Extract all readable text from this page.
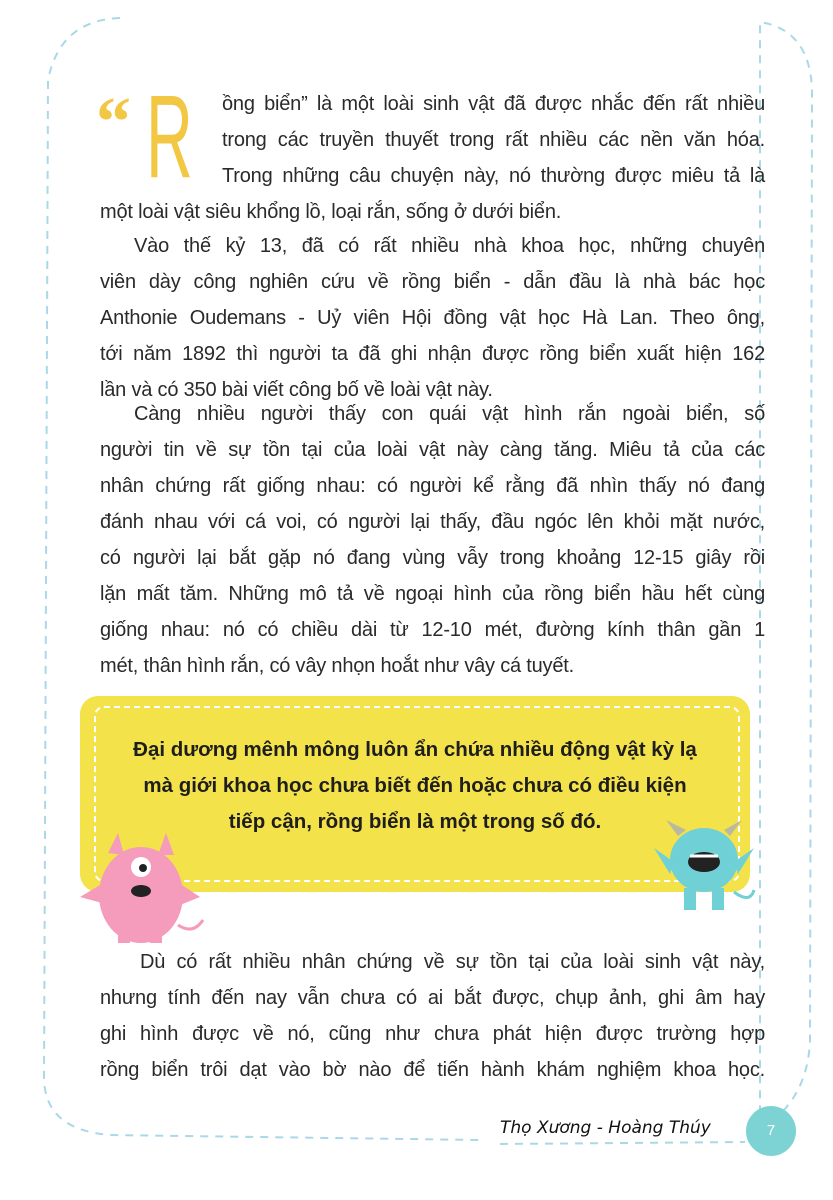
“ R ồng biển” là một loài sinh vật đã được nhắc đến rất nhiều
trong các truyền thuyết trong rất nhiều các nền văn hóa.
Trong những câu chuyện này, nó thường được miêu tả là
một loài vật siêu khổng lồ, loại rắn, sống ở dưới biển.
Vào thế kỷ 13, đã có rất nhiều nhà khoa học, những chuyên
viên dày công nghiên cứu về rồng biển - dẫn đầu là nhà bác học
Anthonie Oudemans - Uỷ viên Hội đồng vật học Hà Lan. Theo ông,
tới năm 1892 thì người ta đã ghi nhận được rồng biển xuất hiện 162
lần và có 350 bài viết công bố về loài vật này.
Càng nhiều người thấy con quái vật hình rắn ngoài biển, số
người tin về sự tồn tại của loài vật này càng tăng. Miêu tả của các
nhân chứng rất giống nhau: có người kể rằng đã nhìn thấy nó đang
đánh nhau với cá voi, có người lại thấy, đầu ngóc lên khỏi mặt nước,
có người lại bắt gặp nó đang vùng vẫy trong khoảng 12-15 giây rồi
lặn mất tăm. Những mô tả về ngoại hình của rồng biển hầu hết cùng
giống nhau: nó có chiều dài từ 12-10 mét, đường kính thân gần 1
mét, thân hình rắn, có vây nhọn hoắt như vây cá tuyết.
Đại dương mênh mông luôn ẩn chứa nhiều động vật kỳ lạ
mà giới khoa học chưa biết đến hoặc chưa có điều kiện
tiếp cận, rồng biển là một trong số đó.
Dù có rất nhiều nhân chứng về sự tồn tại của loài sinh vật này,
nhưng tính đến nay vẫn chưa có ai bắt được, chụp ảnh, ghi âm hay
ghi hình được về nó, cũng như chưa phát hiện được trường hợp
rồng biển trôi dạt vào bờ nào để tiến hành khám nghiệm khoa học.
Thọ Xương - Hoàng Thúy	7
